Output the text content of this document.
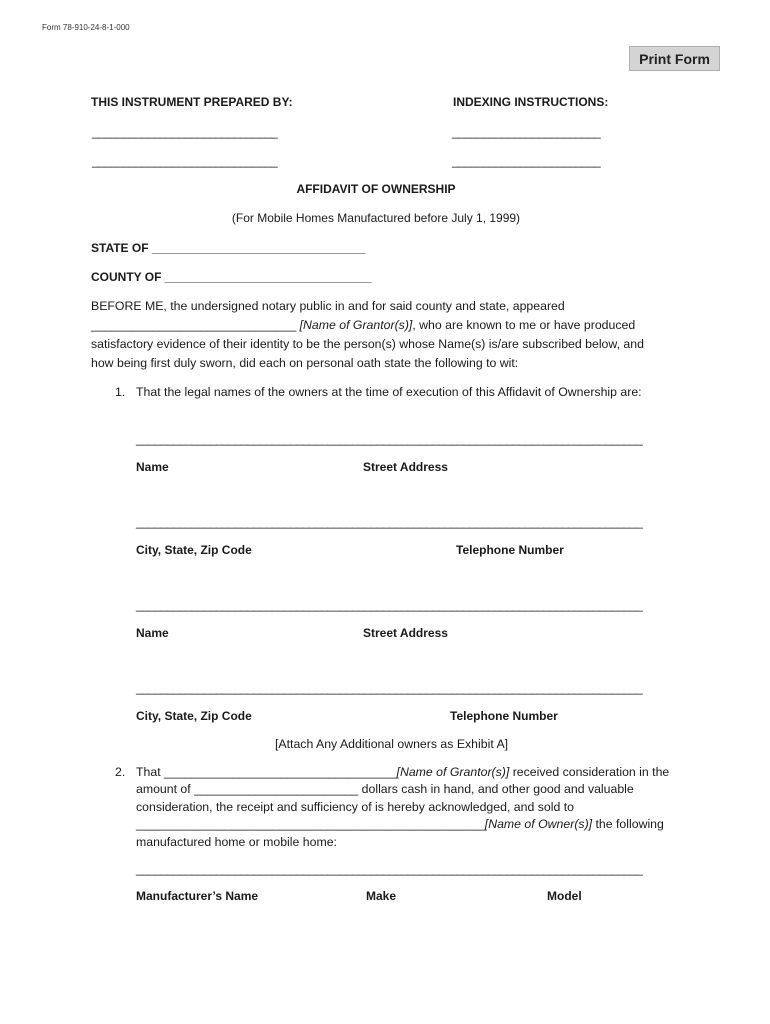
Form 78-910-24-8-1-000
Print Form
THIS INSTRUMENT PREPARED BY:	INDEXING INSTRUCTIONS:
______________________________	________________________
______________________________	________________________
AFFIDAVIT OF OWNERSHIP
(For Mobile Homes Manufactured before July 1, 1999)
STATE OF ________________________________
COUNTY OF _______________________________
BEFORE ME, the undersigned notary public in and for said county and state, appeared
______________________________ [Name of Grantor(s)], who are known to me or have produced
satisfactory evidence of their identity to be the person(s) whose Name(s) is/are subscribed below, and
how being first duly sworn, did each on personal oath state the following to wit:
1. That the legal names of the owners at the time of execution of this Affidavit of Ownership are:
__________________________________________________________________________________
Name	Street Address
__________________________________________________________________________________
City, State, Zip Code	Telephone Number
__________________________________________________________________________________
Name	Street Address
__________________________________________________________________________________
City, State, Zip Code	Telephone Number
[Attach Any Additional owners as Exhibit A]
2. That __________________________________[Name of Grantor(s)] received consideration in the
amount of ________________________ dollars cash in hand, and other good and valuable
consideration, the receipt and sufficiency of is hereby acknowledged, and sold to
___________________________________________________[Name of Owner(s)] the following
manufactured home or mobile home:
__________________________________________________________________________________
Manufacturer’s Name	Make	Model
